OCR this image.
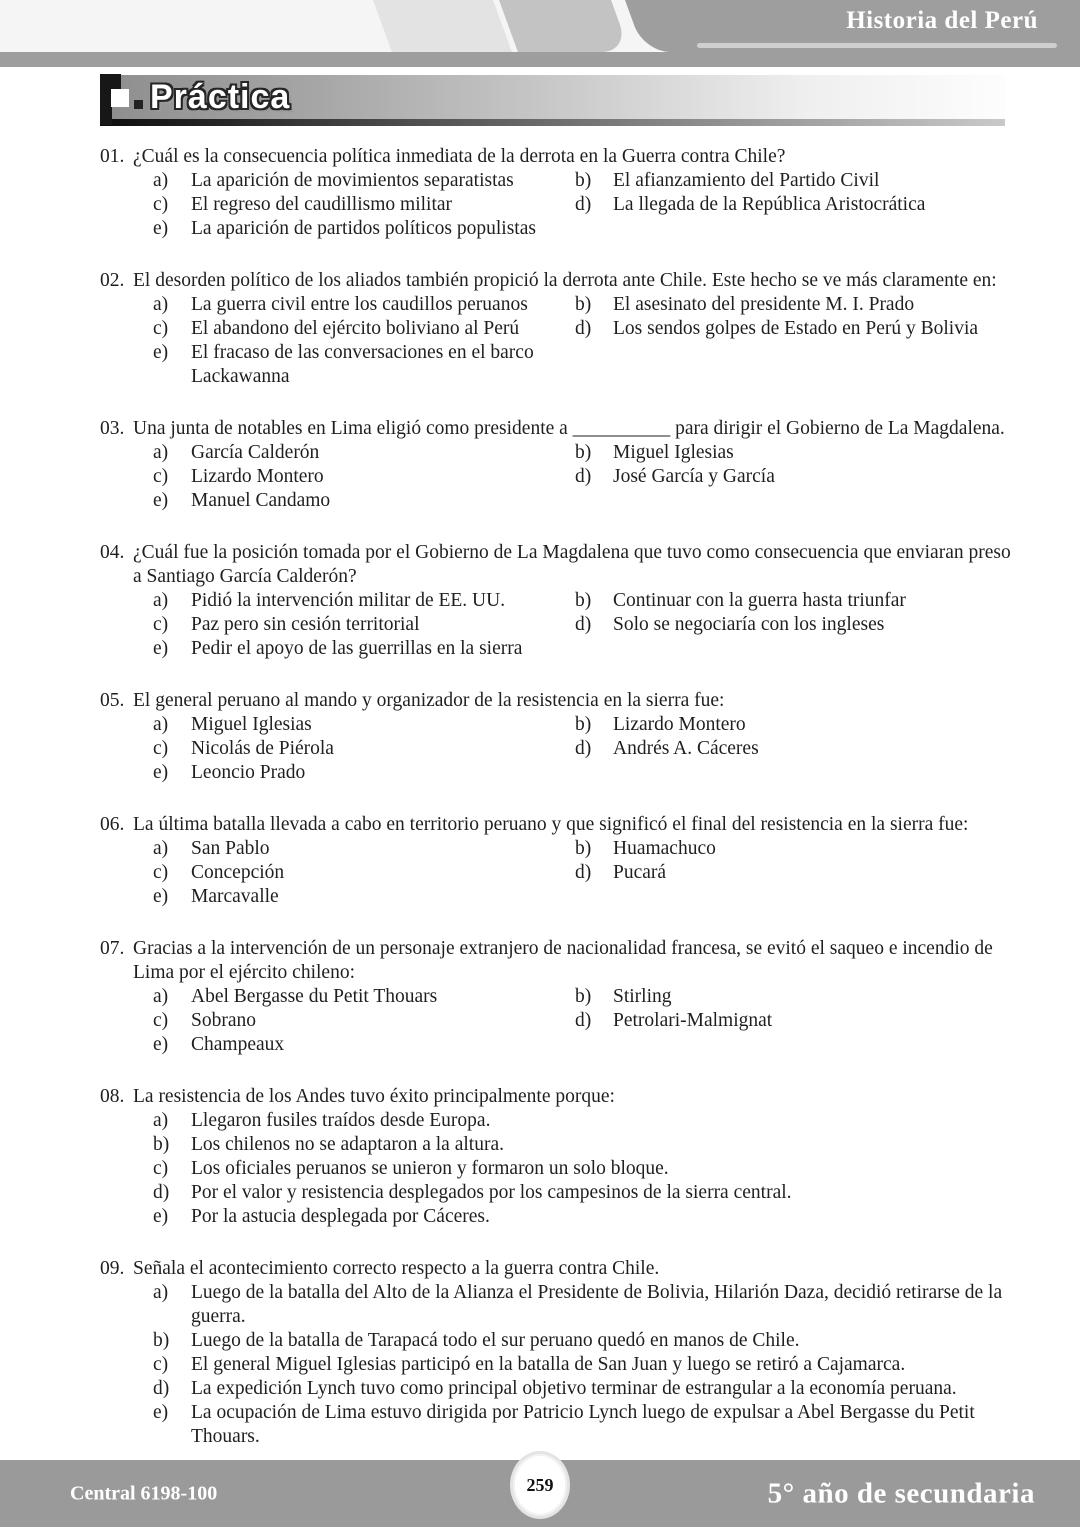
Historia del Perú
Práctica
01. ¿Cuál es la consecuencia política inmediata de la derrota en la Guerra contra Chile?

a)	La aparición de movimientos separatistas	b)	El afianzamiento del Partido Civil
c)	El regreso del caudillismo militar	d)	La llegada de la República Aristocrática
e)	La aparición de partidos políticos populistas
02. El desorden político de los aliados también propició la derrota ante Chile. Este hecho se ve más claramente en:

a)	La guerra civil entre los caudillos peruanos	b)	El asesinato del presidente M. I. Prado
c)	El abandono del ejército boliviano al Perú	d)	Los sendos golpes de Estado en Perú y Bolivia
e)	El fracaso de las conversaciones en el barco Lackawanna
03. Una junta de notables en Lima eligió como presidente a __________ para dirigir el Gobierno de La Magdalena.

a)	García Calderón	b)	Miguel Iglesias
c)	Lizardo Montero	d)	José García y García
e)	Manuel Candamo
04. ¿Cuál fue la posición tomada por el Gobierno de La Magdalena que tuvo como consecuencia que enviaran preso a Santiago García Calderón?

a)	Pidió la intervención militar de EE. UU.	b)	Continuar con la guerra hasta triunfar
c)	Paz pero sin cesión territorial	d)	Solo se negociaría con los ingleses
e)	Pedir el apoyo de las guerrillas en la sierra
05. El general peruano al mando y organizador de la resistencia en la sierra fue:

a)	Miguel Iglesias	b)	Lizardo Montero
c)	Nicolás de Piérola	d)	Andrés A. Cáceres
e)	Leoncio Prado
06. La última batalla llevada a cabo en territorio peruano y que significó el final del resistencia en la sierra fue:

a)	San Pablo	b)	Huamachuco
c)	Concepción	d)	Pucará
e)	Marcavalle
07. Gracias a la intervención de un personaje extranjero de nacionalidad francesa, se evitó el saqueo e incendio de Lima por el ejército chileno:

a)	Abel Bergasse du Petit Thouars	b)	Stirling
c)	Sobrano	d)	Petrolari-Malmignat
e)	Champeaux
08. La resistencia de los Andes tuvo éxito principalmente porque:

a)	Llegaron fusiles traídos desde Europa.
b)	Los chilenos no se adaptaron a la altura.
c)	Los oficiales peruanos se unieron y formaron un solo bloque.
d)	Por el valor y resistencia desplegados por los campesinos de la sierra central.
e)	Por la astucia desplegada por Cáceres.
09. Señala el acontecimiento correcto respecto a la guerra contra Chile.

a)	Luego de la batalla del Alto de la Alianza el Presidente de Bolivia, Hilarión Daza, decidió retirarse de la guerra.
b)	Luego de la batalla de Tarapacá todo el sur peruano quedó en manos de Chile.
c)	El general Miguel Iglesias participó en la batalla de San Juan y luego se retiró a Cajamarca.
d)	La expedición Lynch tuvo como principal objetivo terminar de estrangular a la economía peruana.
e)	La ocupación de Lima estuvo dirigida por Patricio Lynch luego de expulsar a Abel Bergasse du Petit Thouars.
Central 6198-100	259	5° año de secundaria
